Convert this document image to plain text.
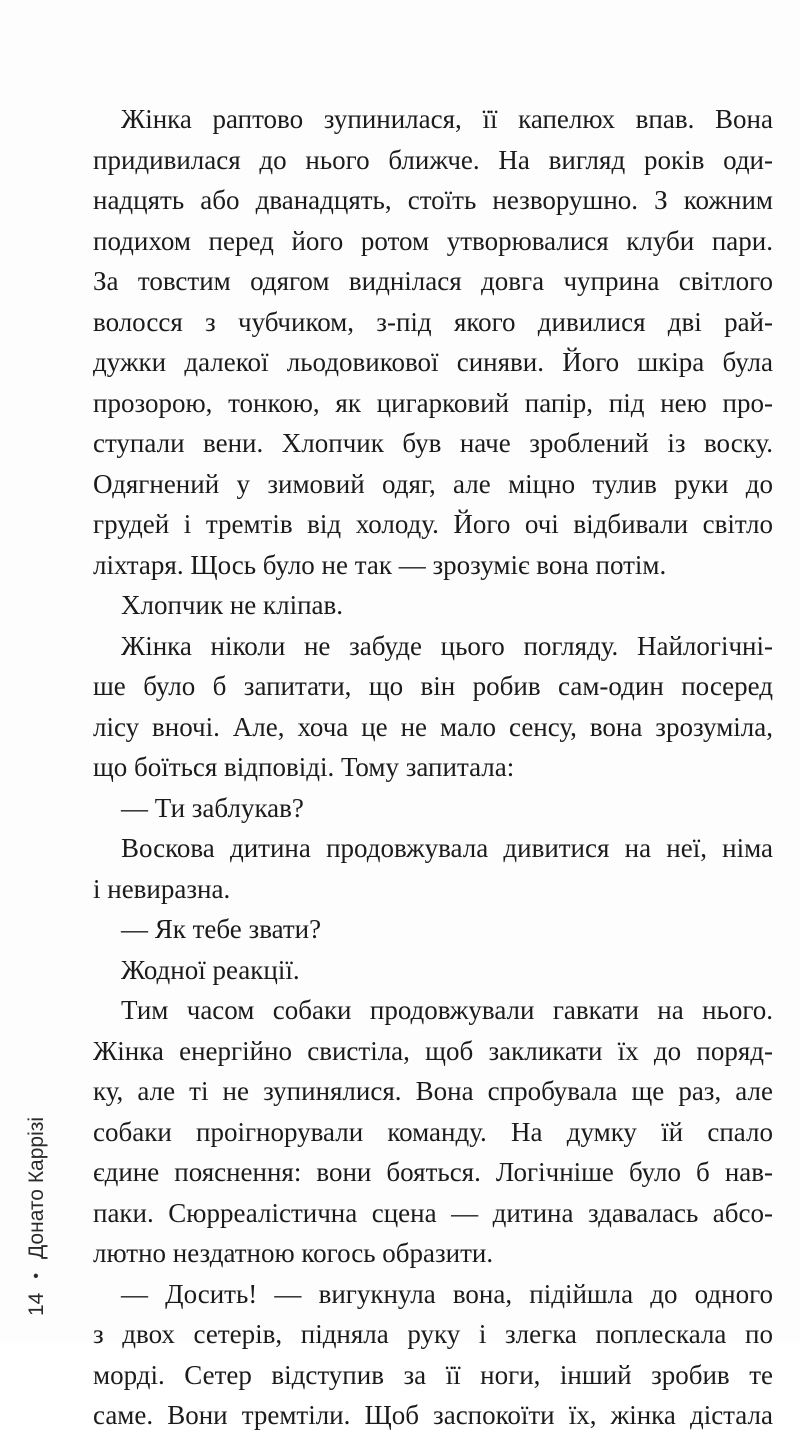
Жінка раптово зупинилася, її капелюх впав. Вона
придивилася до нього ближче. На вигляд років оди-
надцять або дванадцять, стоїть незворушно. З кожним
подихом перед його ротом утворювалися клуби пари.
За товстим одягом виднілася довга чуприна світлого
волосся з чубчиком, з-під якого дивилися дві рай-
дужки далекої льодовикової синяви. Його шкіра була
прозорою, тонкою, як цигарковий папір, під нею про-
ступали вени. Хлопчик був наче зроблений із воску.
Одягнений у зимовий одяг, але міцно тулив руки до
грудей і тремтів від холоду. Його очі відбивали світло
ліхтаря. Щось було не так — зрозуміє вона потім.
Хлопчик не кліпав.
Жінка ніколи не забуде цього погляду. Найлогічні-
ше було б запитати, що він робив сам-один посеред
лісу вночі. Але, хоча це не мало сенсу, вона зрозуміла,
що боїться відповіді. Тому запитала:
— Ти заблукав?
Воскова дитина продовжувала дивитися на неї, німа
і невиразна.
— Як тебе звати?
Жодної реакції.
Тим часом собаки продовжували гавкати на нього.
Жінка енергійно свистіла, щоб закликати їх до поряд-
ку, але ті не зупинялися. Вона спробувала ще раз, але
собаки проігнорували команду. На думку їй спало
єдине пояснення: вони бояться. Логічніше було б нав-
паки. Сюрреалістична сцена — дитина здавалась абсо-
лютно нездатною когось образити.
— Досить! — вигукнула вона, підійшла до одного
з двох сетерів, підняла руку і злегка поплескала по
морді. Сетер відступив за її ноги, інший зробив те
саме. Вони тремтіли. Щоб заспокоїти їх, жінка дістала
14
•
Донато Каррізі
